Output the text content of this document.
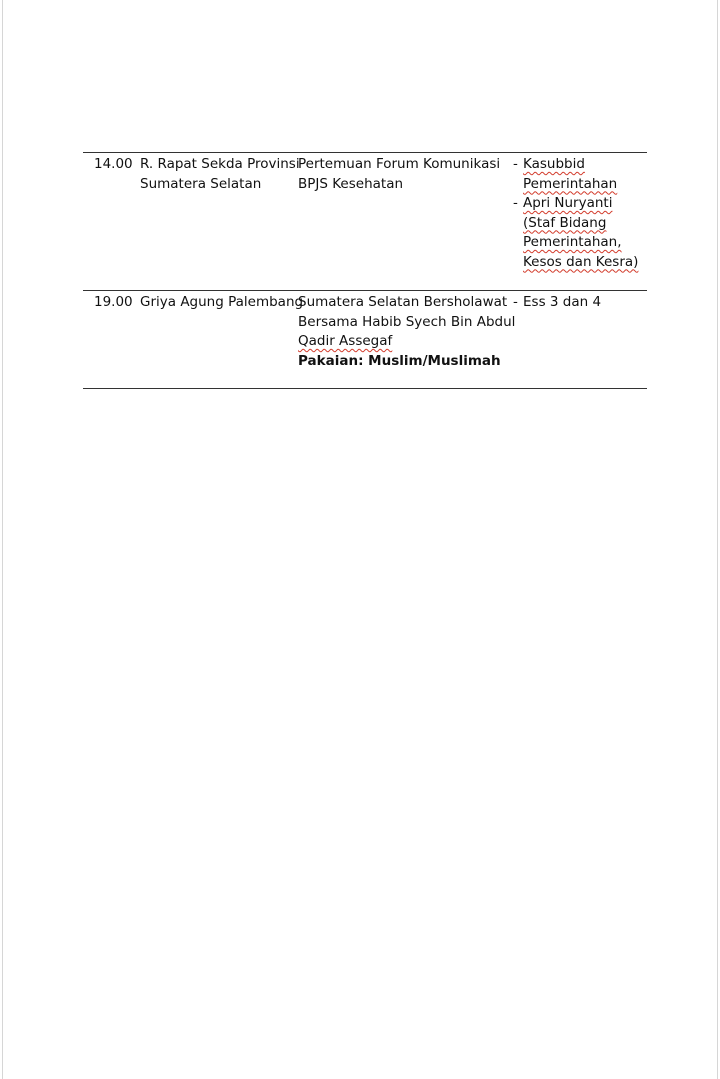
14.00 R. Rapat Sekda Provinsi
Sumatera Selatan
Pertemuan Forum Komunikasi
BPJS Kesehatan
- Kasubbid
Pemerintahan
- Apri Nuryanti
(Staf Bidang
Pemerintahan,
Kesos dan Kesra)
19.00 Griya Agung Palembang
Sumatera Selatan Bersholawat
Bersama Habib Syech Bin Abdul
Qadir Assegaf
Pakaian: Muslim/Muslimah
- Ess 3 dan 4
